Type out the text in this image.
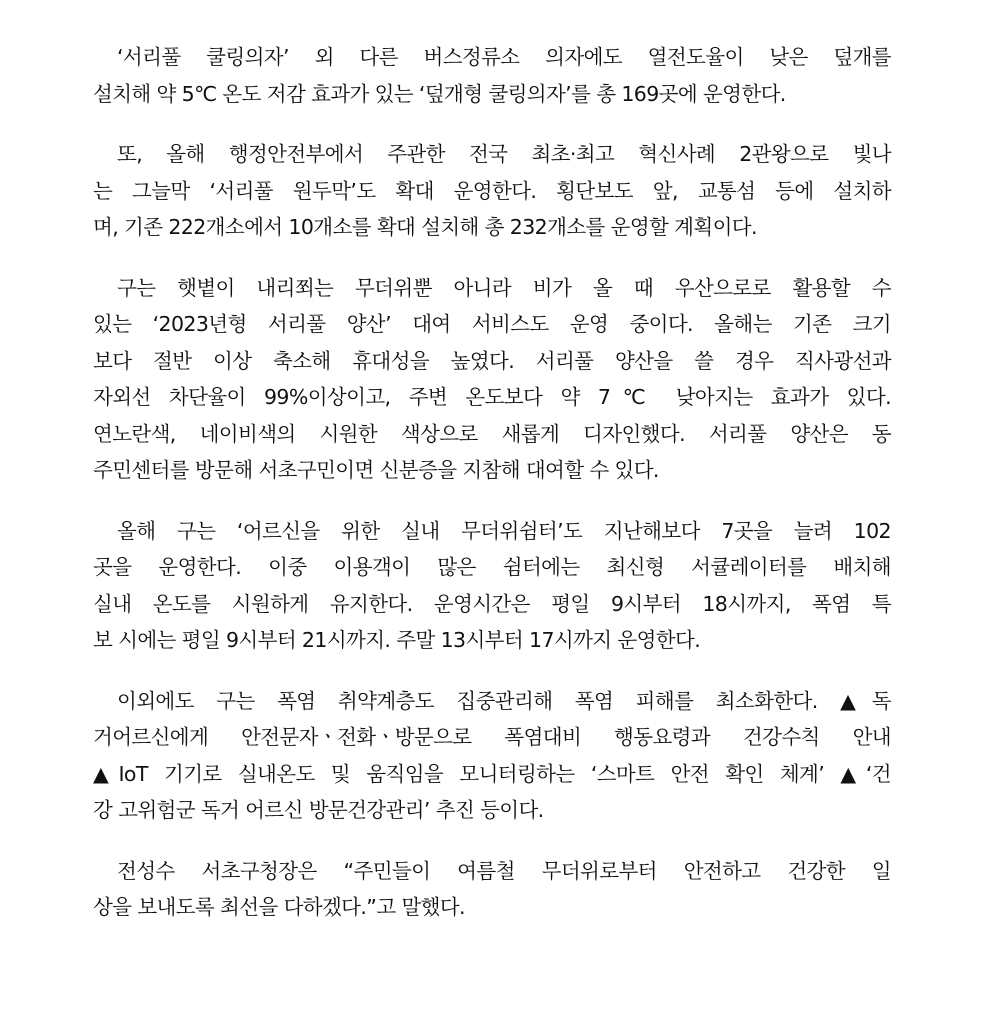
‘서리풀 쿨링의자’ 외 다른 버스정류소 의자에도 열전도율이 낮은 덮개를
설치해 약 5℃ 온도 저감 효과가 있는 ‘덮개형 쿨링의자’를 총 169곳에 운영한다.

또, 올해 행정안전부에서 주관한 전국 최초·최고 혁신사례 2관왕으로 빛나
는 그늘막 ‘서리풀 원두막’도 확대 운영한다. 횡단보도 앞, 교통섬 등에 설치하
며, 기존 222개소에서 10개소를 확대 설치해 총 232개소를 운영할 계획이다.

구는 햇볕이 내리쬐는 무더위뿐 아니라 비가 올 때 우산으로로 활용할 수
있는 ‘2023년형 서리풀 양산’ 대여 서비스도 운영 중이다. 올해는 기존 크기
보다 절반 이상 축소해 휴대성을 높였다. 서리풀 양산을 쓸 경우 직사광선과
자외선 차단율이 99%이상이고, 주변 온도보다 약 7℃ 낮아지는 효과가 있다.
연노란색, 네이비색의 시원한 색상으로 새롭게 디자인했다. 서리풀 양산은 동
주민센터를 방문해 서초구민이면 신분증을 지참해 대여할 수 있다.

올해 구는 ‘어르신을 위한 실내 무더위쉼터’도 지난해보다 7곳을 늘려 102
곳을 운영한다. 이중 이용객이 많은 쉼터에는 최신형 서큘레이터를 배치해
실내 온도를 시원하게 유지한다. 운영시간은 평일 9시부터 18시까지, 폭염 특
보 시에는 평일 9시부터 21시까지. 주말 13시부터 17시까지 운영한다.

이외에도 구는 폭염 취약계층도 집중관리해 폭염 피해를 최소화한다. ▲독
거어르신에게 안전문자ㆍ전화ㆍ방문으로 폭염대비 행동요령과 건강수칙 안내
▲IoT 기기로 실내온도 및 움직임을 모니터링하는 ‘스마트 안전 확인 체계’ ▲‘건
강 고위험군 독거 어르신 방문건강관리’ 추진 등이다.

전성수 서초구청장은 “주민들이 여름철 무더위로부터 안전하고 건강한 일
상을 보내도록 최선을 다하겠다.”고 말했다.
